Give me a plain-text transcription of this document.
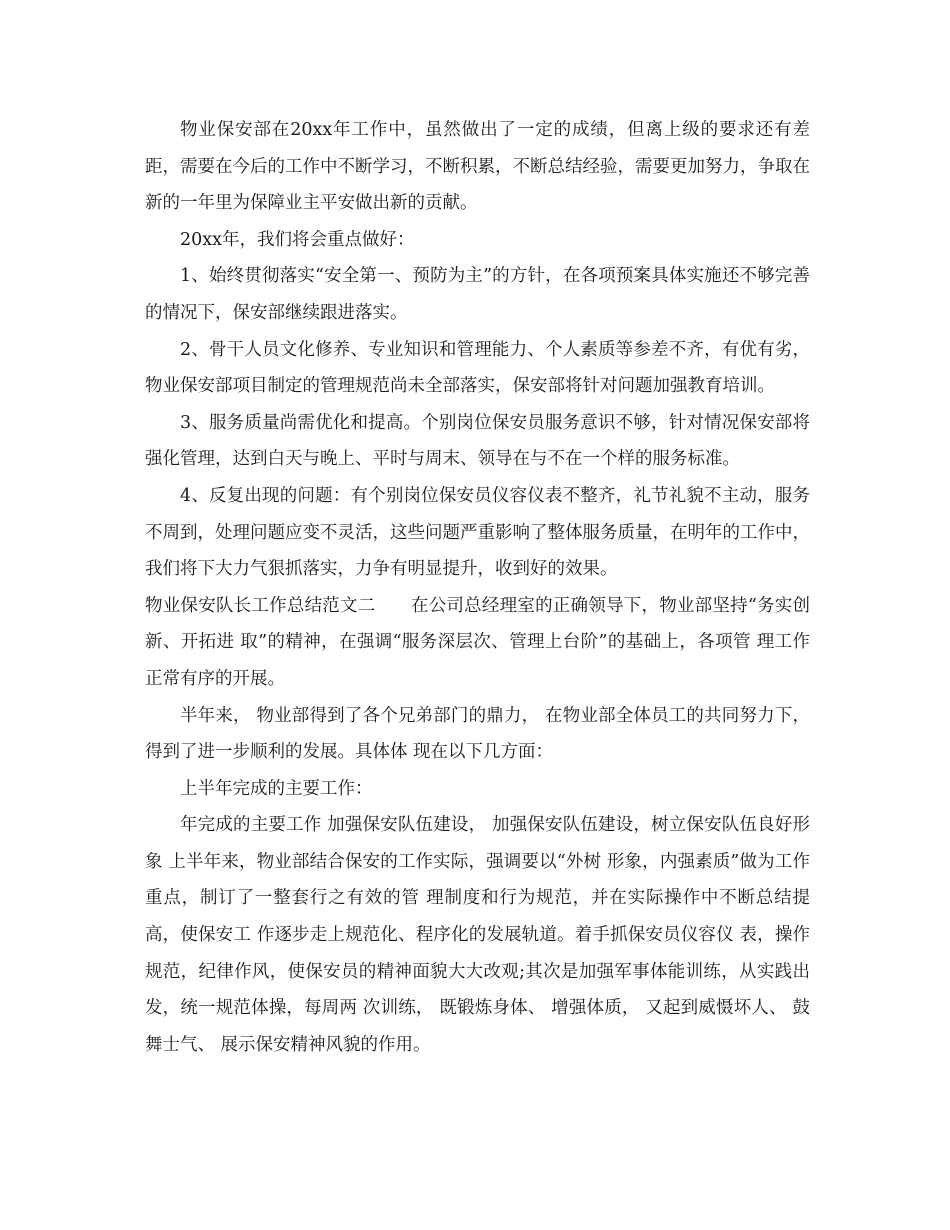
物业保安部在20xx年工作中，虽然做出了一定的成绩，但离上级的要求还有差距，需要在今后的工作中不断学习，不断积累，不断总结经验，需要更加努力，争取在新的一年里为保障业主平安做出新的贡献。

20xx年，我们将会重点做好：

1、始终贯彻落实“安全第一、预防为主”的方针，在各项预案具体实施还不够完善的情况下，保安部继续跟进落实。

2、骨干人员文化修养、专业知识和管理能力、个人素质等参差不齐，有优有劣，物业保安部项目制定的管理规范尚未全部落实，保安部将针对问题加强教育培训。

3、服务质量尚需优化和提高。个别岗位保安员服务意识不够，针对情况保安部将强化管理，达到白天与晚上、平时与周末、领导在与不在一个样的服务标准。

4、反复出现的问题：有个别岗位保安员仪容仪表不整齐，礼节礼貌不主动，服务不周到，处理问题应变不灵活，这些问题严重影响了整体服务质量，在明年的工作中，我们将下大力气狠抓落实，力争有明显提升，收到好的效果。

物业保安队长工作总结范文二　　在公司总经理室的正确领导下，物业部坚持“务实创新、开拓进 取”的精神，在强调“服务深层次、管理上台阶”的基础上，各项管 理工作正常有序的开展。

半年来， 物业部得到了各个兄弟部门的鼎力， 在物业部全体员工的共同努力下，得到了进一步顺利的发展。具体体 现在以下几方面：

上半年完成的主要工作：

年完成的主要工作 加强保安队伍建设， 加强保安队伍建设，树立保安队伍良好形象 上半年来，物业部结合保安的工作实际，强调要以“外树 形象，内强素质”做为工作重点，制订了一整套行之有效的管 理制度和行为规范，并在实际操作中不断总结提高，使保安工 作逐步走上规范化、程序化的发展轨道。着手抓保安员仪容仪 表，操作规范，纪律作风，使保安员的精神面貌大大改观;其次是加强军事体能训练，从实践出发，统一规范体操，每周两 次训练， 既锻炼身体、 增强体质， 又起到威慑坏人、 鼓舞士气、 展示保安精神风貌的作用。
